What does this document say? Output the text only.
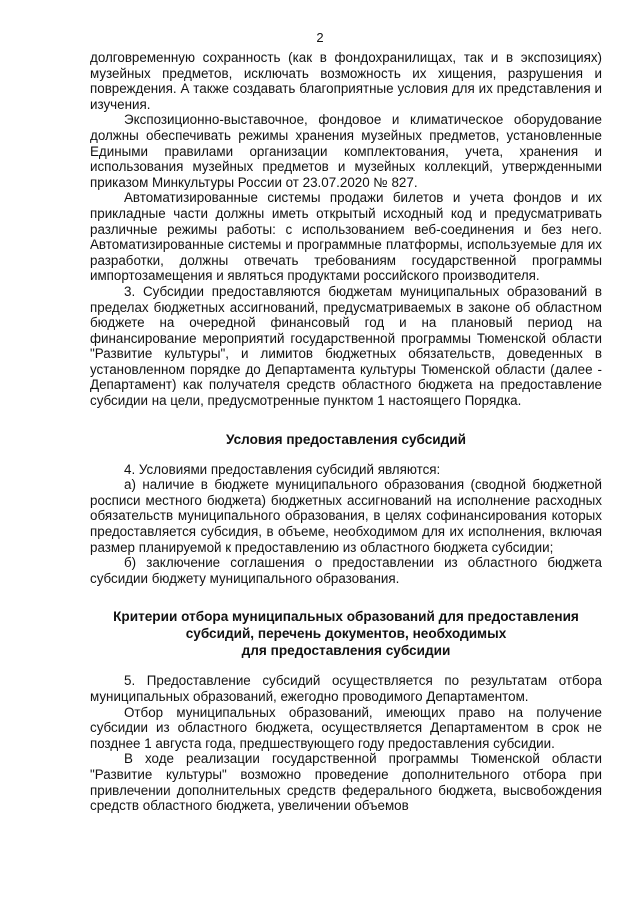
2

долговременную сохранность (как в фондохранилищах, так и в экспозициях) музейных предметов, исключать возможность их хищения, разрушения и повреждения. А также создавать благоприятные условия для их представления и изучения.

Экспозиционно-выставочное, фондовое и климатическое оборудование должны обеспечивать режимы хранения музейных предметов, установленные Едиными правилами организации комплектования, учета, хранения и использования музейных предметов и музейных коллекций, утвержденными приказом Минкультуры России от 23.07.2020 № 827.

Автоматизированные системы продажи билетов и учета фондов и их прикладные части должны иметь открытый исходный код и предусматривать различные режимы работы: с использованием веб-соединения и без него. Автоматизированные системы и программные платформы, используемые для их разработки, должны отвечать требованиям государственной программы импортозамещения и являться продуктами российского производителя.

3. Субсидии предоставляются бюджетам муниципальных образований в пределах бюджетных ассигнований, предусматриваемых в законе об областном бюджете на очередной финансовый год и на плановый период на финансирование мероприятий государственной программы Тюменской области "Развитие культуры", и лимитов бюджетных обязательств, доведенных в установленном порядке до Департамента культуры Тюменской области (далее - Департамент) как получателя средств областного бюджета на предоставление субсидии на цели, предусмотренные пунктом 1 настоящего Порядка.

Условия предоставления субсидий

4. Условиями предоставления субсидий являются:

а) наличие в бюджете муниципального образования (сводной бюджетной росписи местного бюджета) бюджетных ассигнований на исполнение расходных обязательств муниципального образования, в целях софинансирования которых предоставляется субсидия, в объеме, необходимом для их исполнения, включая размер планируемой к предоставлению из областного бюджета субсидии;

б) заключение соглашения о предоставлении из областного бюджета субсидии бюджету муниципального образования.

Критерии отбора муниципальных образований для предоставления
субсидий, перечень документов, необходимых
для предоставления субсидии

5. Предоставление субсидий осуществляется по результатам отбора муниципальных образований, ежегодно проводимого Департаментом.

Отбор муниципальных образований, имеющих право на получение субсидии из областного бюджета, осуществляется Департаментом в срок не позднее 1 августа года, предшествующего году предоставления субсидии.

В ходе реализации государственной программы Тюменской области "Развитие культуры" возможно проведение дополнительного отбора при привлечении дополнительных средств федерального бюджета, высвобождения средств областного бюджета, увеличении объемов
